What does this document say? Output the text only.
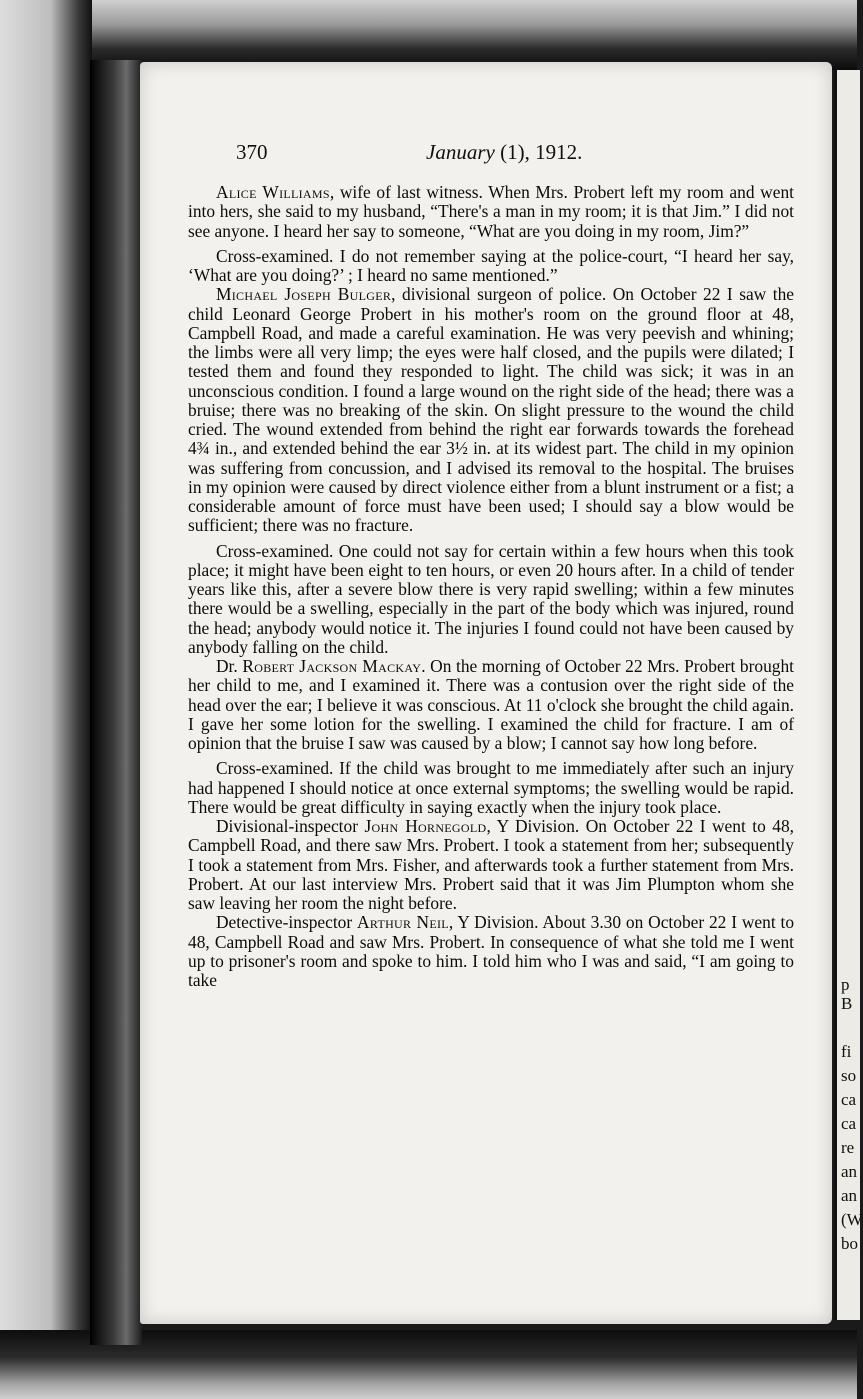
p
B
fi
so
ca
ca
re
an
an
(W
bo
370	January (1), 1912.

Alice Williams, wife of last witness. When Mrs. Probert left my room and went into hers, she said to my husband, “There's a man in my room; it is that Jim.” I did not see anyone. I heard her say to someone, “What are you doing in my room, Jim?”

Cross-examined. I do not remember saying at the police-court, “I heard her say, ‘What are you doing?’ ; I heard no same mentioned.”

Michael Joseph Bulger, divisional surgeon of police. On October 22 I saw the child Leonard George Probert in his mother's room on the ground floor at 48, Campbell Road, and made a careful examination. He was very peevish and whining; the limbs were all very limp; the eyes were half closed, and the pupils were dilated; I tested them and found they responded to light. The child was sick; it was in an unconscious condition. I found a large wound on the right side of the head; there was a bruise; there was no breaking of the skin. On slight pressure to the wound the child cried. The wound extended from behind the right ear forwards towards the forehead 4¾ in., and extended behind the ear 3½ in. at its widest part. The child in my opinion was suffering from concussion, and I advised its removal to the hospital. The bruises in my opinion were caused by direct violence either from a blunt instrument or a fist; a considerable amount of force must have been used; I should say a blow would be sufficient; there was no fracture.

Cross-examined. One could not say for certain within a few hours when this took place; it might have been eight to ten hours, or even 20 hours after. In a child of tender years like this, after a severe blow there is very rapid swelling; within a few minutes there would be a swelling, especially in the part of the body which was injured, round the head; anybody would notice it. The injuries I found could not have been caused by anybody falling on the child.

Dr. Robert Jackson Mackay. On the morning of October 22 Mrs. Probert brought her child to me, and I examined it. There was a contusion over the right side of the head over the ear; I believe it was conscious. At 11 o'clock she brought the child again. I gave her some lotion for the swelling. I examined the child for fracture. I am of opinion that the bruise I saw was caused by a blow; I cannot say how long before.

Cross-examined. If the child was brought to me immediately after such an injury had happened I should notice at once external symptoms; the swelling would be rapid. There would be great difficulty in saying exactly when the injury took place.

Divisional-inspector John Hornegold, Y Division. On October 22 I went to 48, Campbell Road, and there saw Mrs. Probert. I took a statement from her; subsequently I took a statement from Mrs. Fisher, and afterwards took a further statement from Mrs. Probert. At our last interview Mrs. Probert said that it was Jim Plumpton whom she saw leaving her room the night before.

Detective-inspector Arthur Neil, Y Division. About 3.30 on October 22 I went to 48, Campbell Road and saw Mrs. Probert. In consequence of what she told me I went up to prisoner's room and spoke to him. I told him who I was and said, “I am going to take
